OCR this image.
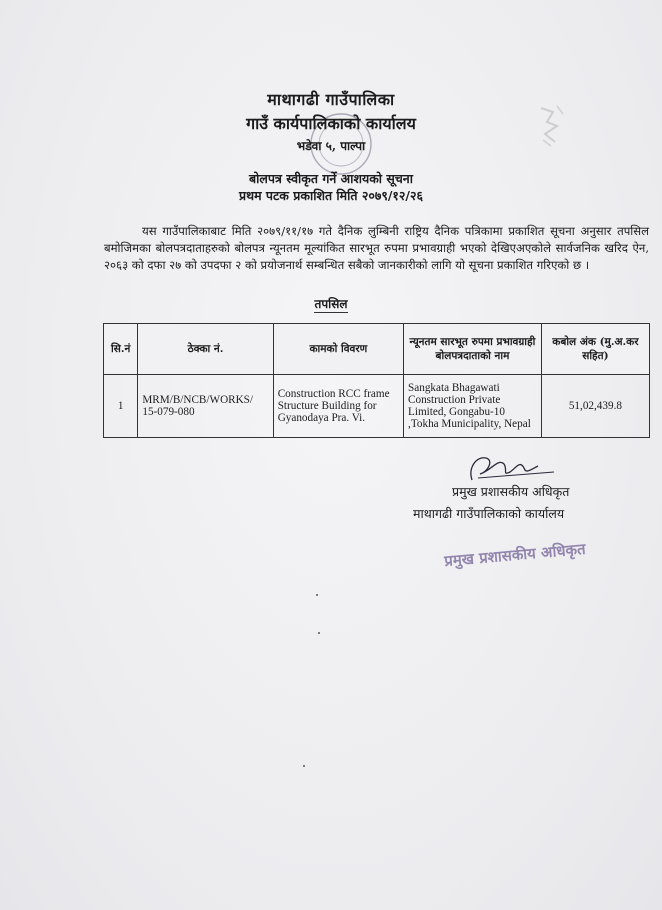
माथागढी गाउँपालिका
गाउँ कार्यपालिकाको कार्यालय
भडेवा ५, पाल्पा
बोलपत्र स्वीकृत गर्ने आशयको सूचना
प्रथम पटक प्रकाशित मिति २०७९/१२/२६
यस गाउँपालिकाबाट मिति २०७९/११/१७ गते दैनिक लुम्बिनी राष्ट्रिय दैनिक पत्रिकामा प्रकाशित सूचना अनुसार तपसिल बमोजिमका बोलपत्रदाताहरुको बोलपत्र न्यूनतम मूल्यांकित सारभूत रुपमा प्रभावग्राही भएको देखिएअएकोले सार्वजनिक खरिद ऐन, २०६३ को दफा २७ को उपदफा २ को प्रयोजनार्थ सम्बन्धित सबैको जानकारीको लागि यो सूचना प्रकाशित गरिएको छ ।
तपसिल
सि.नं	ठेक्का नं.	कामको विवरण	न्यूनतम सारभूत रुपमा प्रभावग्राही बोलपत्रदाताको नाम	कबोल अंक (मु.अ.कर सहित)
1	MRM/B/NCB/WORKS/ 15-079-080	Construction RCC frame Structure Building for Gyanodaya Pra. Vi.	Sangkata Bhagawati Construction Private Limited, Gongabu-10 ,Tokha Municipality, Nepal	51,02,439.8
प्रमुख प्रशासकीय अधिकृत
माथागढी गाउँपालिकाको कार्यालय
प्रमुख प्रशासकीय अधिकृत
